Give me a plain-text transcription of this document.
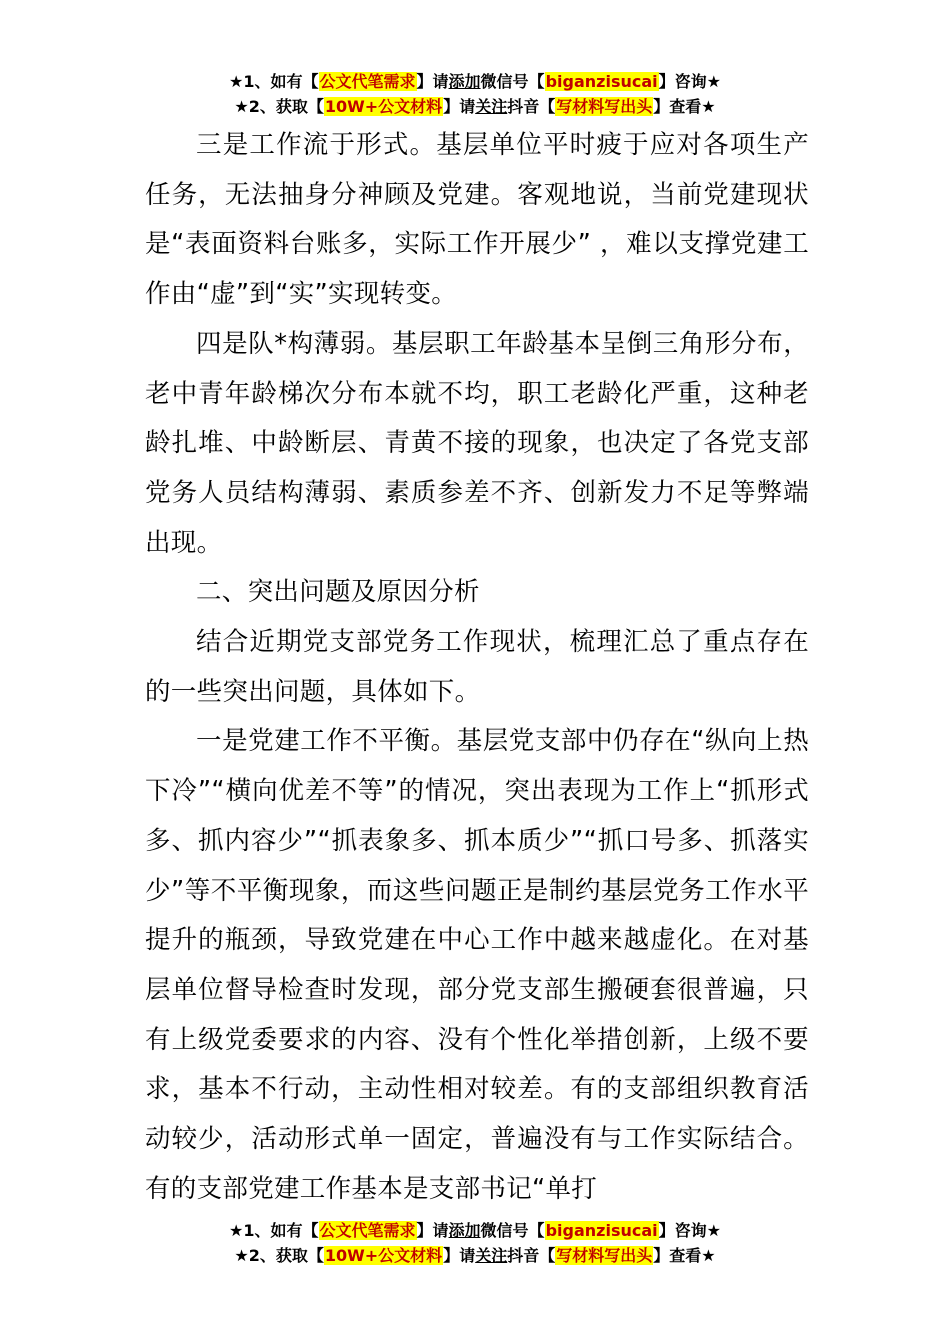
★1、如有【公文代笔需求】请添加微信号【biganzisucai】咨询★
★2、获取【10W+公文材料】请关注抖音【写材料写出头】查看★

三是工作流于形式。基层单位平时疲于应对各项生产任务，无法抽身分神顾及党建。客观地说，当前党建现状是“表面资料台账多，实际工作开展少” ，难以支撑党建工作由“虚”到“实”实现转变。

四是队*构薄弱。基层职工年龄基本呈倒三角形分布，老中青年龄梯次分布本就不均，职工老龄化严重，这种老龄扎堆、中龄断层、青黄不接的现象，也决定了各党支部党务人员结构薄弱、素质参差不齐、创新发力不足等弊端出现。

二、突出问题及原因分析

结合近期党支部党务工作现状，梳理汇总了重点存在的一些突出问题，具体如下。

一是党建工作不平衡。基层党支部中仍存在“纵向上热下冷”“横向优差不等”的情况，突出表现为工作上“抓形式多、抓内容少”“抓表象多、抓本质少”“抓口号多、抓落实少”等不平衡现象，而这些问题正是制约基层党务工作水平提升的瓶颈，导致党建在中心工作中越来越虚化。在对基层单位督导检查时发现，部分党支部生搬硬套很普遍，只有上级党委要求的内容、没有个性化举措创新，上级不要求，基本不行动，主动性相对较差。有的支部组织教育活动较少，活动形式单一固定，普遍没有与工作实际结合。有的支部党建工作基本是支部书记“单打

★1、如有【公文代笔需求】请添加微信号【biganzisucai】咨询★
★2、获取【10W+公文材料】请关注抖音【写材料写出头】查看★
